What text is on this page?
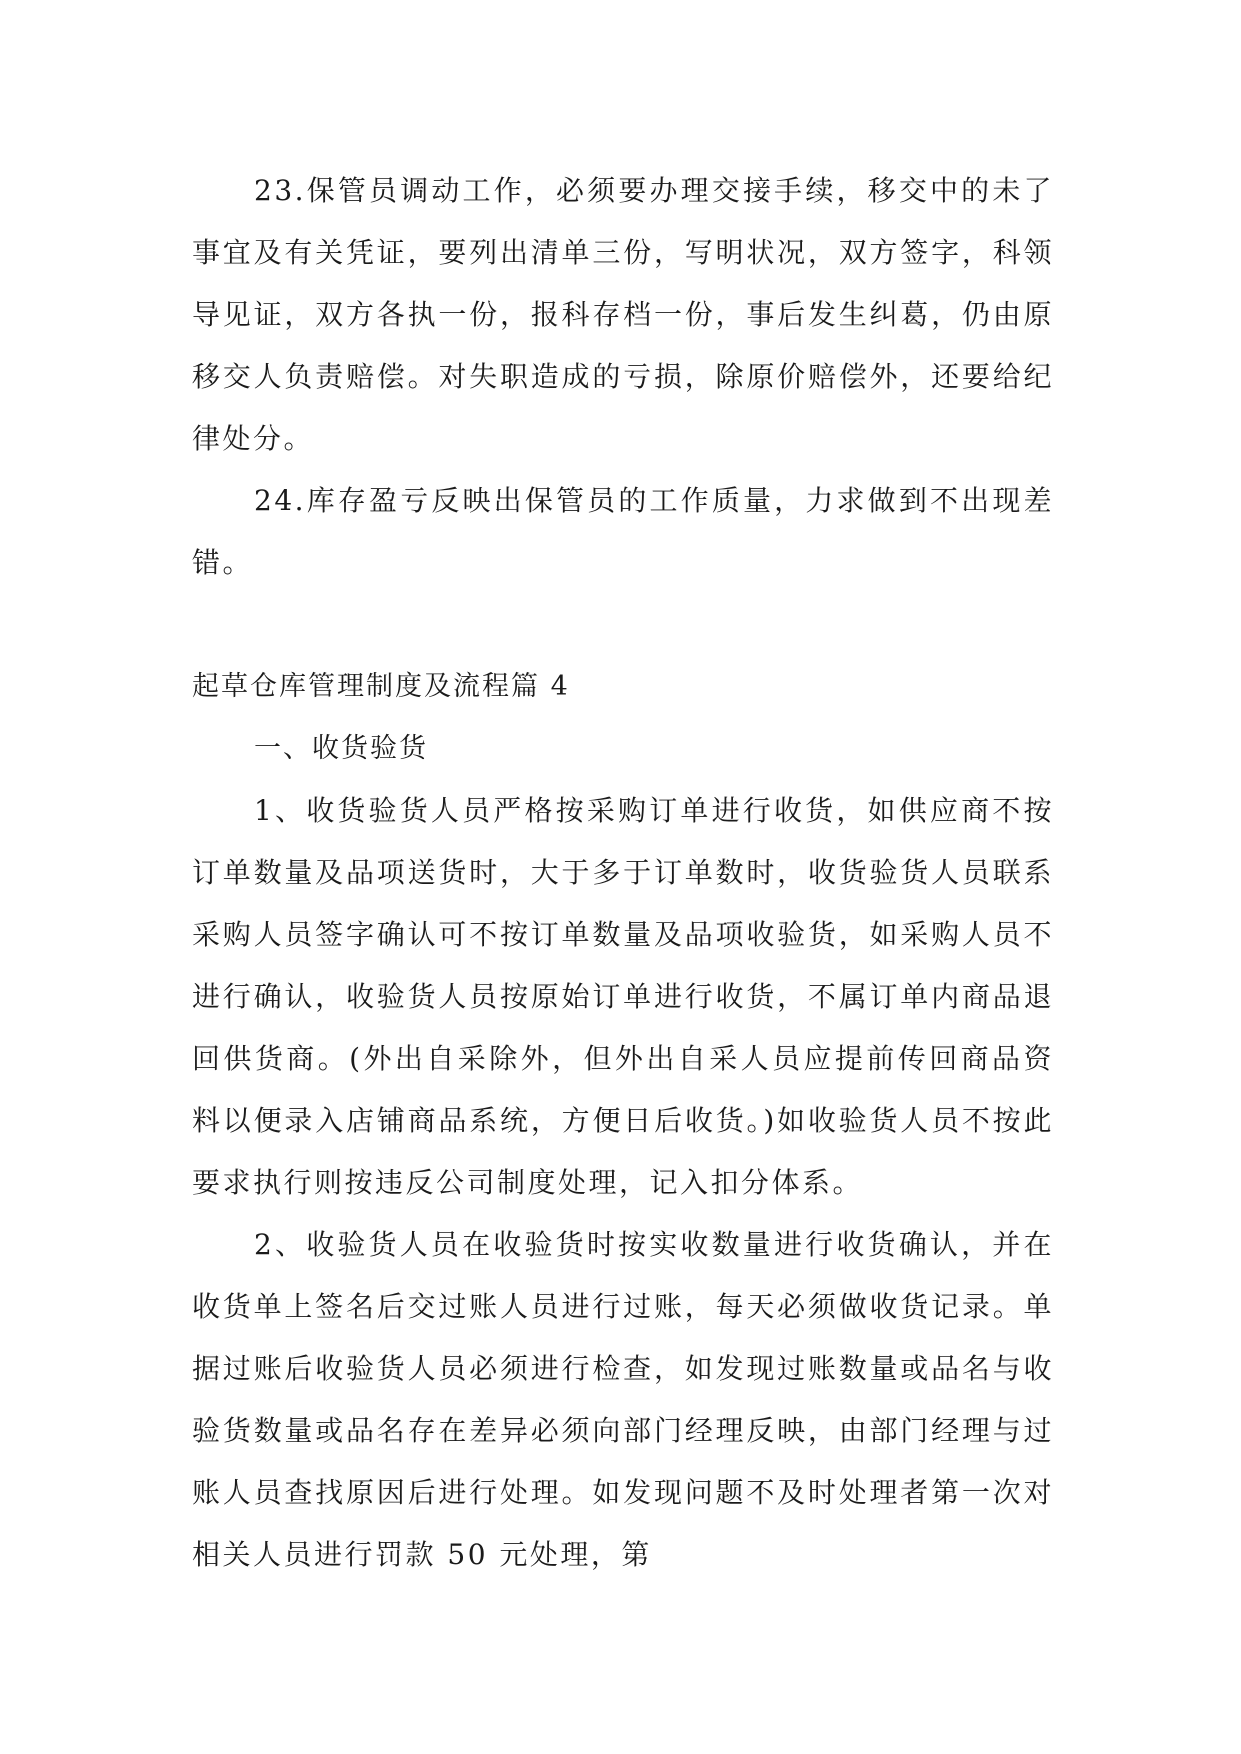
23.保管员调动工作，必须要办理交接手续，移交中的未了事宜及有关凭证，要列出清单三份，写明状况，双方签字，科领导见证，双方各执一份，报科存档一份，事后发生纠葛，仍由原移交人负责赔偿。对失职造成的亏损，除原价赔偿外，还要给纪律处分。

24.库存盈亏反映出保管员的工作质量，力求做到不出现差错。

起草仓库管理制度及流程篇 4

一、收货验货

1、收货验货人员严格按采购订单进行收货，如供应商不按订单数量及品项送货时，大于多于订单数时，收货验货人员联系采购人员签字确认可不按订单数量及品项收验货，如采购人员不进行确认，收验货人员按原始订单进行收货，不属订单内商品退回供货商。(外出自采除外，但外出自采人员应提前传回商品资料以便录入店铺商品系统，方便日后收货。)如收验货人员不按此要求执行则按违反公司制度处理，记入扣分体系。

2、收验货人员在收验货时按实收数量进行收货确认，并在收货单上签名后交过账人员进行过账，每天必须做收货记录。单据过账后收验货人员必须进行检查，如发现过账数量或品名与收验货数量或品名存在差异必须向部门经理反映，由部门经理与过账人员查找原因后进行处理。如发现问题不及时处理者第一次对相关人员进行罚款 50 元处理，第
